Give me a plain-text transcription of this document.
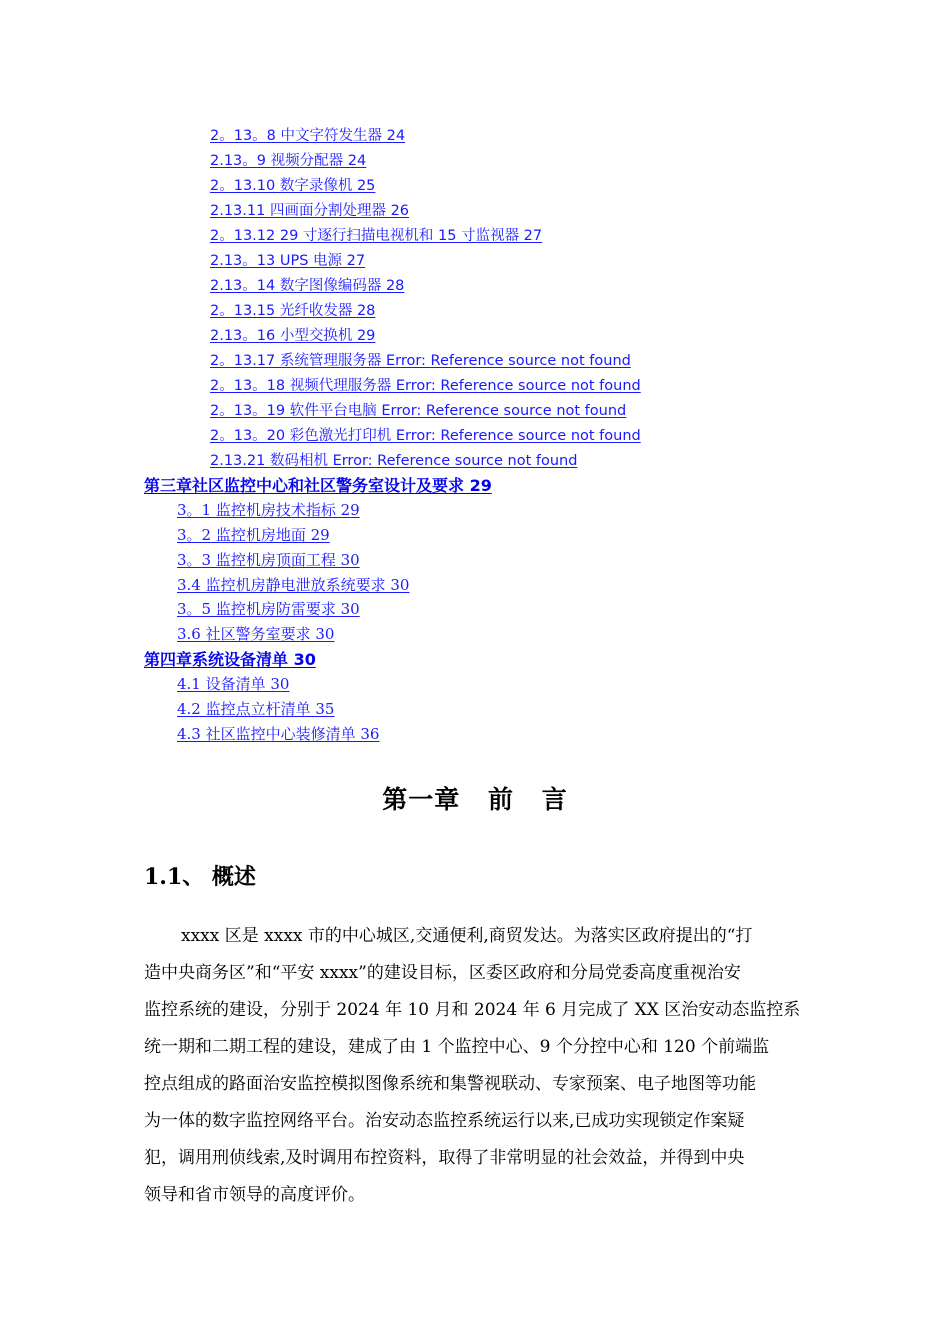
2。13。8 中文字符发生器 24
2.13。9 视频分配器 24
2。13.10 数字录像机 25
2.13.11 四画面分割处理器 26
2。13.12 29 寸逐行扫描电视机和 15 寸监视器 27
2.13。13 UPS 电源 27
2.13。14 数字图像编码器 28
2。13.15 光纤收发器 28
2.13。16 小型交换机 29
2。13.17 系统管理服务器 Error: Reference source not found
2。13。18 视频代理服务器 Error: Reference source not found
2。13。19 软件平台电脑 Error: Reference source not found
2。13。20 彩色激光打印机 Error: Reference source not found
2.13.21 数码相机 Error: Reference source not found
第三章社区监控中心和社区警务室设计及要求 29
3。1 监控机房技术指标 29
3。2 监控机房地面 29
3。3 监控机房顶面工程 30
3.4 监控机房静电泄放系统要求 30
3。5 监控机房防雷要求 30
3.6 社区警务室要求 30
第四章系统设备清单 30
4.1 设备清单 30
4.2 监控点立杆清单 35
4.3 社区监控中心装修清单 36
第一章 前 言
1.1、 概述
xxxx 区是 xxxx 市的中心城区,交通便利,商贸发达。为落实区政府提出的“打
造中央商务区”和“平安 xxxx”的建设目标，区委区政府和分局党委高度重视治安
监控系统的建设，分别于 2024 年 10 月和 2024 年 6 月完成了 XX 区治安动态监控系
统一期和二期工程的建设，建成了由 1 个监控中心、9 个分控中心和 120 个前端监
控点组成的路面治安监控模拟图像系统和集警视联动、专家预案、电子地图等功能
为一体的数字监控网络平台。治安动态监控系统运行以来,已成功实现锁定作案疑
犯，调用刑侦线索,及时调用布控资料，取得了非常明显的社会效益，并得到中央
领导和省市领导的高度评价。
